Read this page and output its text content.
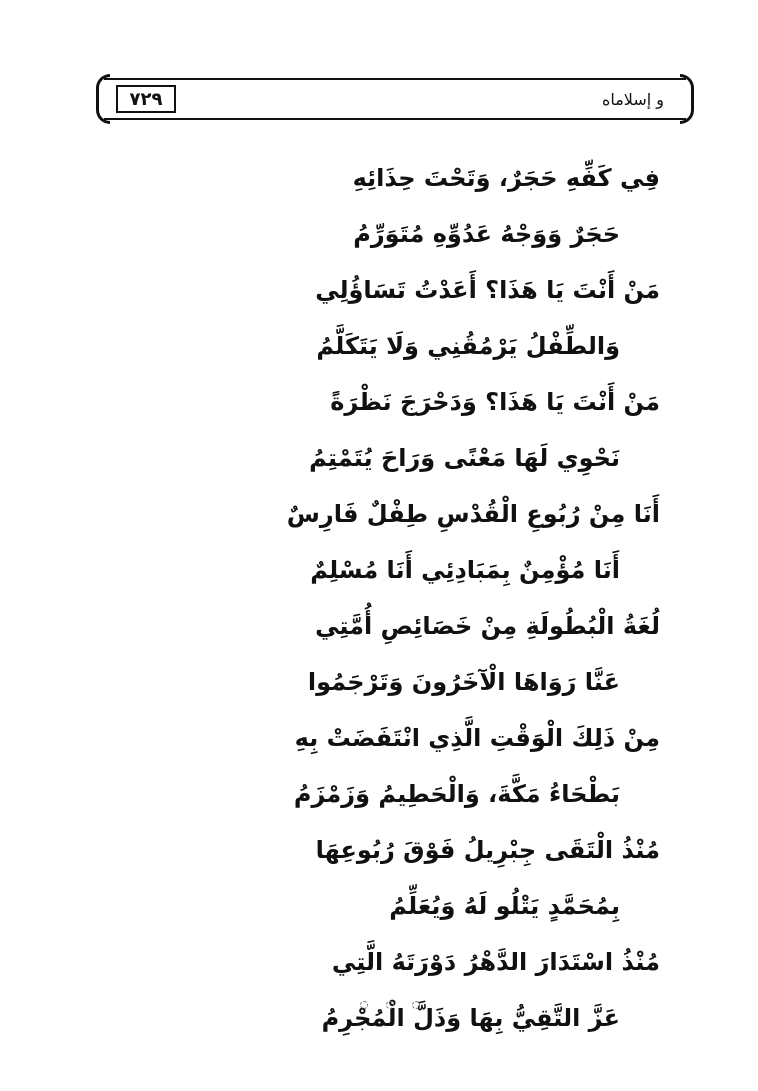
٧٢٩	و إسلاماه
فِي كَفِّهِ حَجَرٌ، وَتَحْتَ حِذَائِهِ
حَجَرٌ وَوَجْهُ عَدُوِّهِ مُتَوَرِّمُ
مَنْ أَنْتَ يَا هَذَا؟ أَعَدْتُ تَسَاؤُلِي
وَالطِّفْلُ يَرْمُقُنِي وَلَا يَتَكَلَّمُ
مَنْ أَنْتَ يَا هَذَا؟ وَدَحْرَجَ نَظْرَةً
نَحْوِي لَهَا مَعْنًى وَرَاحَ يُتَمْتِمُ
أَنَا مِنْ رُبُوعِ الْقُدْسِ طِفْلٌ فَارِسٌ
أَنَا مُؤْمِنٌ بِمَبَادِئِي أَنَا مُسْلِمٌ
لُغَةُ الْبُطُولَةِ مِنْ خَصَائِصِ أُمَّتِي
عَنَّا رَوَاهَا الْآخَرُونَ وَتَرْجَمُوا
مِنْ ذَلِكَ الْوَقْتِ الَّذِي انْتَفَضَتْ بِهِ
بَطْحَاءُ مَكَّةَ، وَالْحَطِيمُ وَزَمْزَمُ
مُنْذُ الْتَقَى جِبْرِيلُ فَوْقَ رُبُوعِهَا
بِمُحَمَّدٍ يَتْلُو لَهُ وَيُعَلِّمُ
مُنْذُ اسْتَدَارَ الدَّهْرُ دَوْرَتَهُ الَّتِي
عَزَّ التَّقِيُّ بِهَا وَذَلَّ الْمُجْرِمُ
